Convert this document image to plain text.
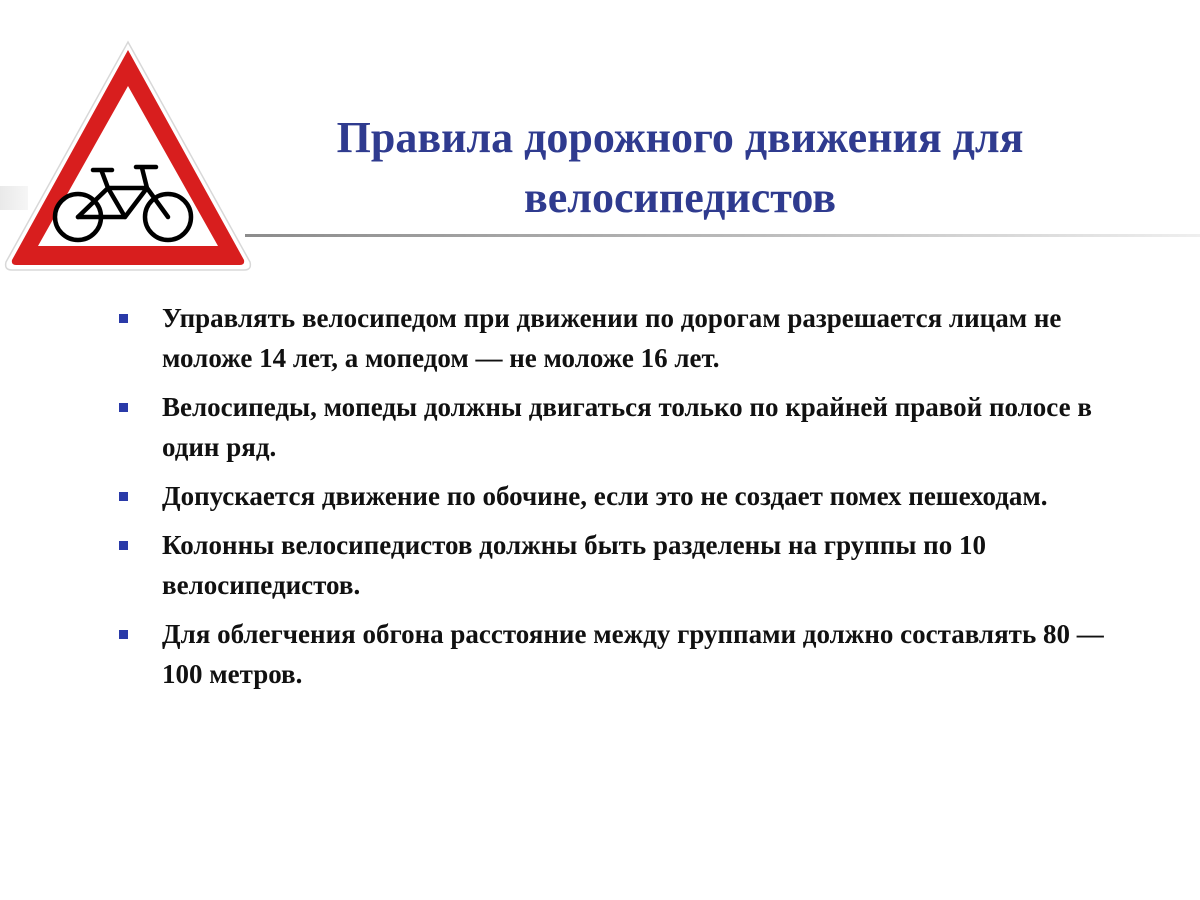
Правила дорожного движения для велосипедистов
Управлять велосипедом при движении по дорогам разрешается лицам не моложе 14 лет, а мопедом — не моложе 16 лет.
Велосипеды, мопеды должны двигаться только по крайней правой полосе в один ряд.
Допускается движение по обочине, если это не создает помех пешеходам.
Колонны велосипедистов должны быть разделены на группы по 10 велосипедистов.
Для облегчения обгона расстояние между группами должно составлять 80 — 100 метров.
